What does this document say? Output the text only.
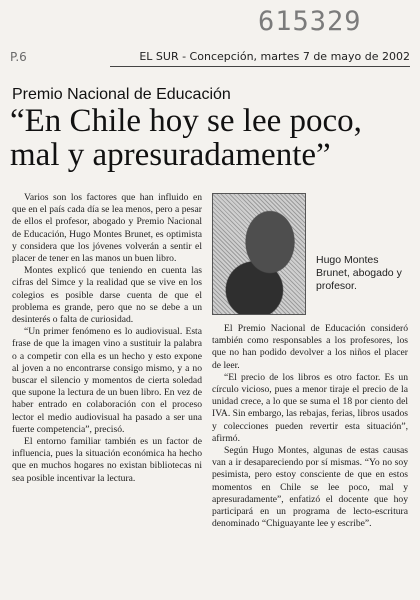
615329
P.6	EL SUR - Concepción, martes 7 de mayo de 2002
Premio Nacional de Educación
“En Chile hoy se lee poco, mal y apresuradamente”

Varios son los factores que han influido en que en el país cada día se lea menos, pero a pesar de ellos el profesor, abogado y Premio Nacional de Educación, Hugo Montes Brunet, es optimista y considera que los jóvenes volverán a sentir el placer de tener en las manos un buen libro.

Montes explicó que teniendo en cuenta las cifras del Simce y la realidad que se vive en los colegios es posible darse cuenta de que el problema es grande, pero que no se debe a un desinterés o falta de curiosidad.

“Un primer fenómeno es lo audiovisual. Esta frase de que la imagen vino a sustituir la palabra o a competir con ella es un hecho y esto expone al joven a no encontrarse consigo mismo, y a no buscar el silencio y momentos de cierta soledad que supone la lectura de un buen libro. En vez de haber entrado en colaboración con el proceso lector el medio audiovisual ha pasado a ser una fuerte competencia”, precisó.

El entorno familiar también es un factor de influencia, pues la situación económica ha hecho que en muchos hogares no existan bibliotecas ni sea posible incentivar la lectura.

Hugo Montes Brunet, abogado y profesor.

El Premio Nacional de Educación consideró también como responsables a los profesores, los que no han podido devolver a los niños el placer de leer.

“El precio de los libros es otro factor. Es un círculo vicioso, pues a menor tiraje el precio de la unidad crece, a lo que se suma el 18 por ciento del IVA. Sin embargo, las rebajas, ferias, libros usados y colecciones pueden revertir esta situación”, afirmó.

Según Hugo Montes, algunas de estas causas van a ir desapareciendo por sí mismas. “Yo no soy pesimista, pero estoy consciente de que en estos momentos en Chile se lee poco, mal y apresuradamente”, enfatizó el docente que hoy participará en un programa de lecto-escritura denominado “Chiguayante lee y escribe”.
